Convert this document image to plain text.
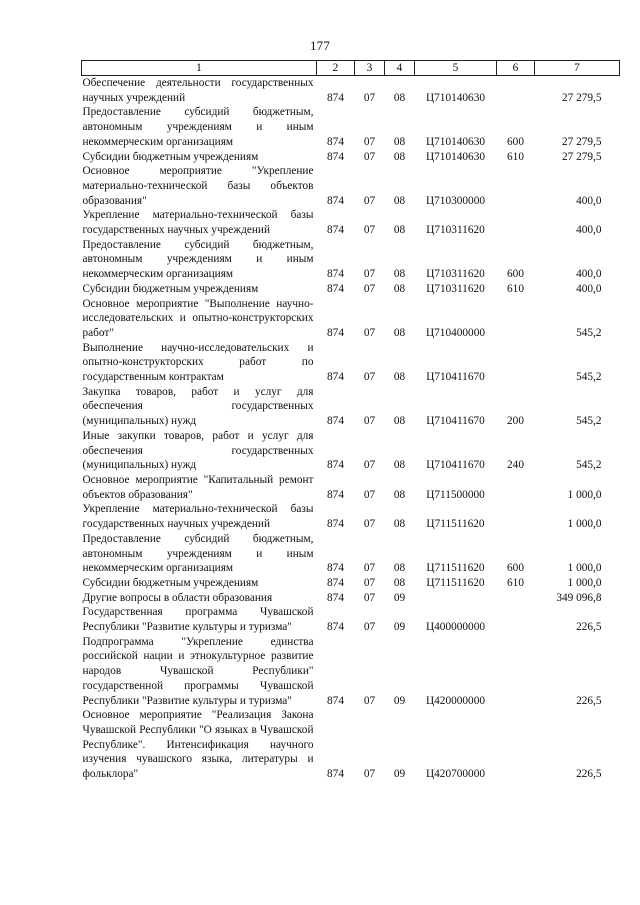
177
1	2	3	4	5	6	7
Обеспечение деятельности государственных научных учреждений	874	07	08	Ц710140630		27 279,5
Предоставление субсидий бюджетным, автономным учреждениям и иным некоммерческим организациям	874	07	08	Ц710140630	600	27 279,5
Субсидии бюджетным учреждениям	874	07	08	Ц710140630	610	27 279,5
Основное мероприятие "Укрепление материально-технической базы объектов образования"	874	07	08	Ц710300000		400,0
Укрепление материально-технической базы государственных научных учреждений	874	07	08	Ц710311620		400,0
Предоставление субсидий бюджетным, автономным учреждениям и иным некоммерческим организациям	874	07	08	Ц710311620	600	400,0
Субсидии бюджетным учреждениям	874	07	08	Ц710311620	610	400,0
Основное мероприятие "Выполнение научно-исследовательских и опытно-конструкторских работ"	874	07	08	Ц710400000		545,2
Выполнение научно-исследовательских и опытно-конструкторских работ по государственным контрактам	874	07	08	Ц710411670		545,2
Закупка товаров, работ и услуг для обеспечения государственных (муниципальных) нужд	874	07	08	Ц710411670	200	545,2
Иные закупки товаров, работ и услуг для обеспечения государственных (муниципальных) нужд	874	07	08	Ц710411670	240	545,2
Основное мероприятие "Капитальный ремонт объектов образования"	874	07	08	Ц711500000		1 000,0
Укрепление материально-технической базы государственных научных учреждений	874	07	08	Ц711511620		1 000,0
Предоставление субсидий бюджетным, автономным учреждениям и иным некоммерческим организациям	874	07	08	Ц711511620	600	1 000,0
Субсидии бюджетным учреждениям	874	07	08	Ц711511620	610	1 000,0
Другие вопросы в области образования	874	07	09			349 096,8
Государственная программа Чувашской Республики "Развитие культуры и туризма"	874	07	09	Ц400000000		226,5
Подпрограмма "Укрепление единства российской нации и этнокультурное развитие народов Чувашской Республики" государственной программы Чувашской Республики "Развитие культуры и туризма"	874	07	09	Ц420000000		226,5
Основное мероприятие "Реализация Закона Чувашской Республики "О языках в Чувашской Республике". Интенсификация научного изучения чувашского языка, литературы и фольклора"	874	07	09	Ц420700000		226,5
